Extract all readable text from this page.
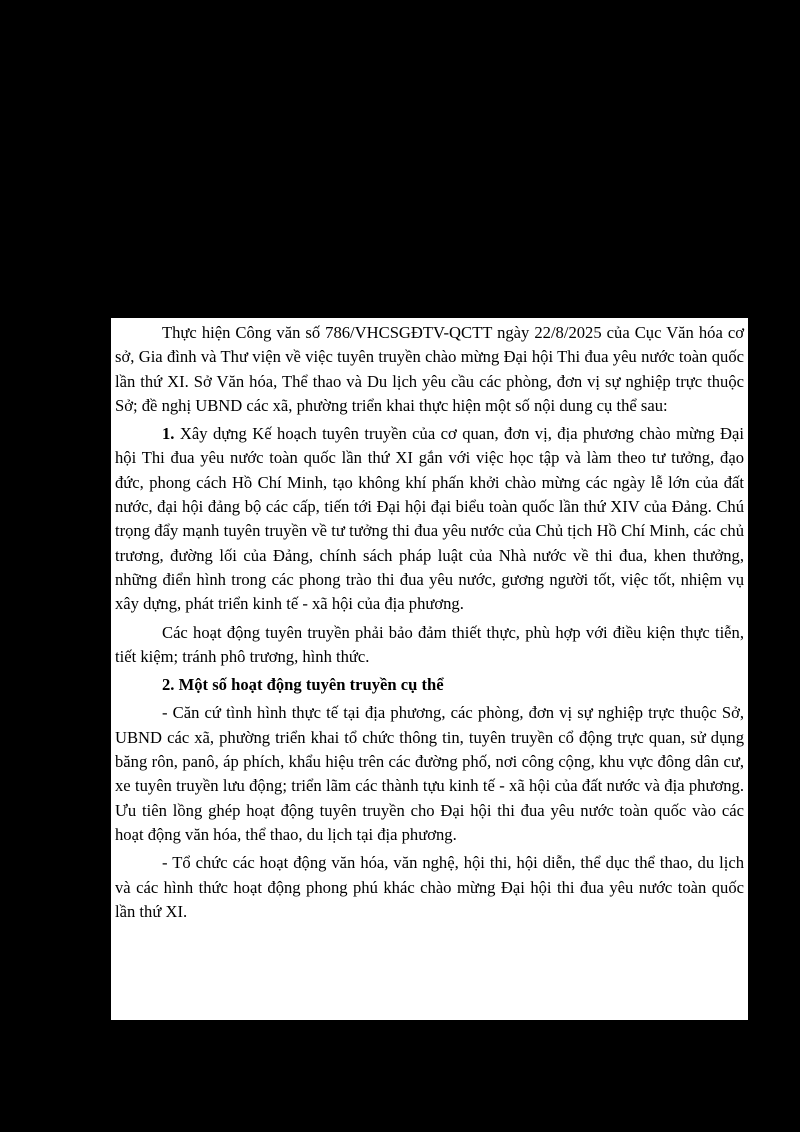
Thực hiện Công văn số 786/VHCSGĐTV-QCTT ngày 22/8/2025 của Cục Văn hóa cơ sở, Gia đình và Thư viện về việc tuyên truyền chào mừng Đại hội Thi đua yêu nước toàn quốc lần thứ XI. Sở Văn hóa, Thể thao và Du lịch yêu cầu các phòng, đơn vị sự nghiệp trực thuộc Sở; đề nghị UBND các xã, phường triển khai thực hiện một số nội dung cụ thể sau:

1. Xây dựng Kế hoạch tuyên truyền của cơ quan, đơn vị, địa phương chào mừng Đại hội Thi đua yêu nước toàn quốc lần thứ XI gắn với việc học tập và làm theo tư tưởng, đạo đức, phong cách Hồ Chí Minh, tạo không khí phấn khởi chào mừng các ngày lễ lớn của đất nước, đại hội đảng bộ các cấp, tiến tới Đại hội đại biểu toàn quốc lần thứ XIV của Đảng. Chú trọng đẩy mạnh tuyên truyền về tư tưởng thi đua yêu nước của Chủ tịch Hồ Chí Minh, các chủ trương, đường lối của Đảng, chính sách pháp luật của Nhà nước về thi đua, khen thưởng, những điển hình trong các phong trào thi đua yêu nước, gương người tốt, việc tốt, nhiệm vụ xây dựng, phát triển kinh tế - xã hội của địa phương.

Các hoạt động tuyên truyền phải bảo đảm thiết thực, phù hợp với điều kiện thực tiễn, tiết kiệm; tránh phô trương, hình thức.

2. Một số hoạt động tuyên truyền cụ thể

- Căn cứ tình hình thực tế tại địa phương, các phòng, đơn vị sự nghiệp trực thuộc Sở, UBND các xã, phường triển khai tổ chức thông tin, tuyên truyền cổ động trực quan, sử dụng băng rôn, panô, áp phích, khẩu hiệu trên các đường phố, nơi công cộng, khu vực đông dân cư, xe tuyên truyền lưu động; triển lãm các thành tựu kinh tế - xã hội của đất nước và địa phương. Ưu tiên lồng ghép hoạt động tuyên truyền cho Đại hội thi đua yêu nước toàn quốc vào các hoạt động văn hóa, thể thao, du lịch tại địa phương.

- Tổ chức các hoạt động văn hóa, văn nghệ, hội thi, hội diễn, thể dục thể thao, du lịch và các hình thức hoạt động phong phú khác chào mừng Đại hội thi đua yêu nước toàn quốc lần thứ XI.
